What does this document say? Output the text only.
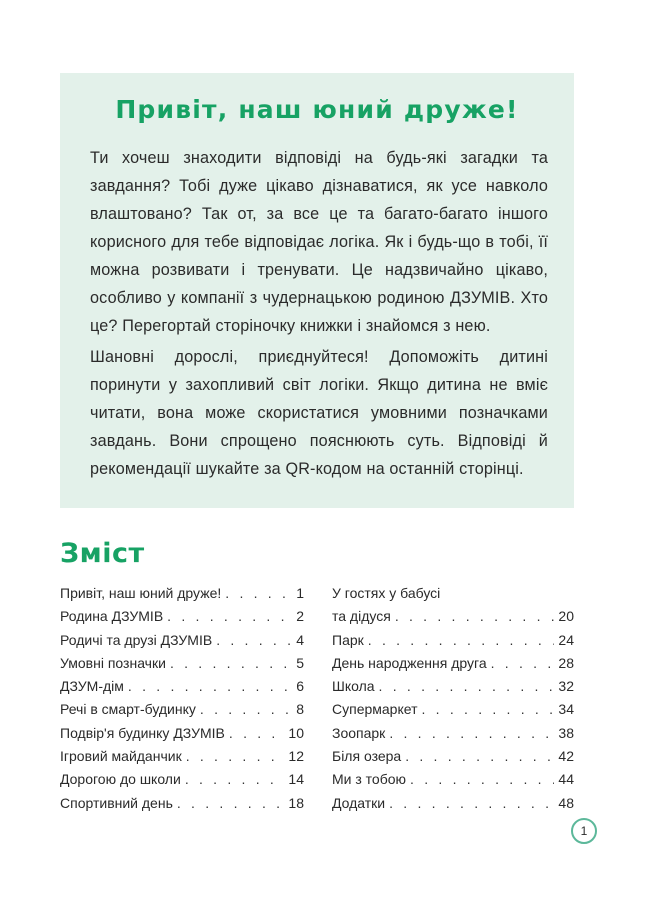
Привіт, наш юний друже!

Ти хочеш знаходити відповіді на будь-які загадки та завдання? Тобі дуже цікаво дізнаватися, як усе навколо влаштовано? Так от, за все це та багато-багато іншого корисного для тебе відповідає логіка. Як і будь-що в тобі, її можна розвивати і тренувати. Це надзвичайно цікаво, особливо у компанії з чудернацькою родиною ДЗУМІВ. Хто це? Перегортай сторіночку книжки і знайомся з нею.

Шановні дорослі, приєднуйтеся! Допоможіть дитині поринути у захопливий світ логіки. Якщо дитина не вміє читати, вона може скористатися умовними позначками завдань. Вони спрощено пояснюють суть. Відповіді й рекомендації шукайте за QR-кодом на останній сторінці.

Зміст
Привіт, наш юний друже! . . .	1
Родина ДЗУМІВ . . .	2
Родичі та друзі ДЗУМІВ . . .	4
Умовні позначки . . .	5
ДЗУМ-дім . . .	6
Речі в смарт-будинку . . .	8
Подвір'я будинку ДЗУМІВ . . .	10
Ігровий майданчик . . .	12
Дорогою до школи . . .	14
Спортивний день . . .	18
У гостях у бабусі
та дідуся . . .	20
Парк . . .	24
День народження друга . . .	28
Школа . . .	32
Супермаркет . . .	34
Зоопарк . . .	38
Біля озера . . .	42
Ми з тобою . . .	44
Додатки . . .	48
1
